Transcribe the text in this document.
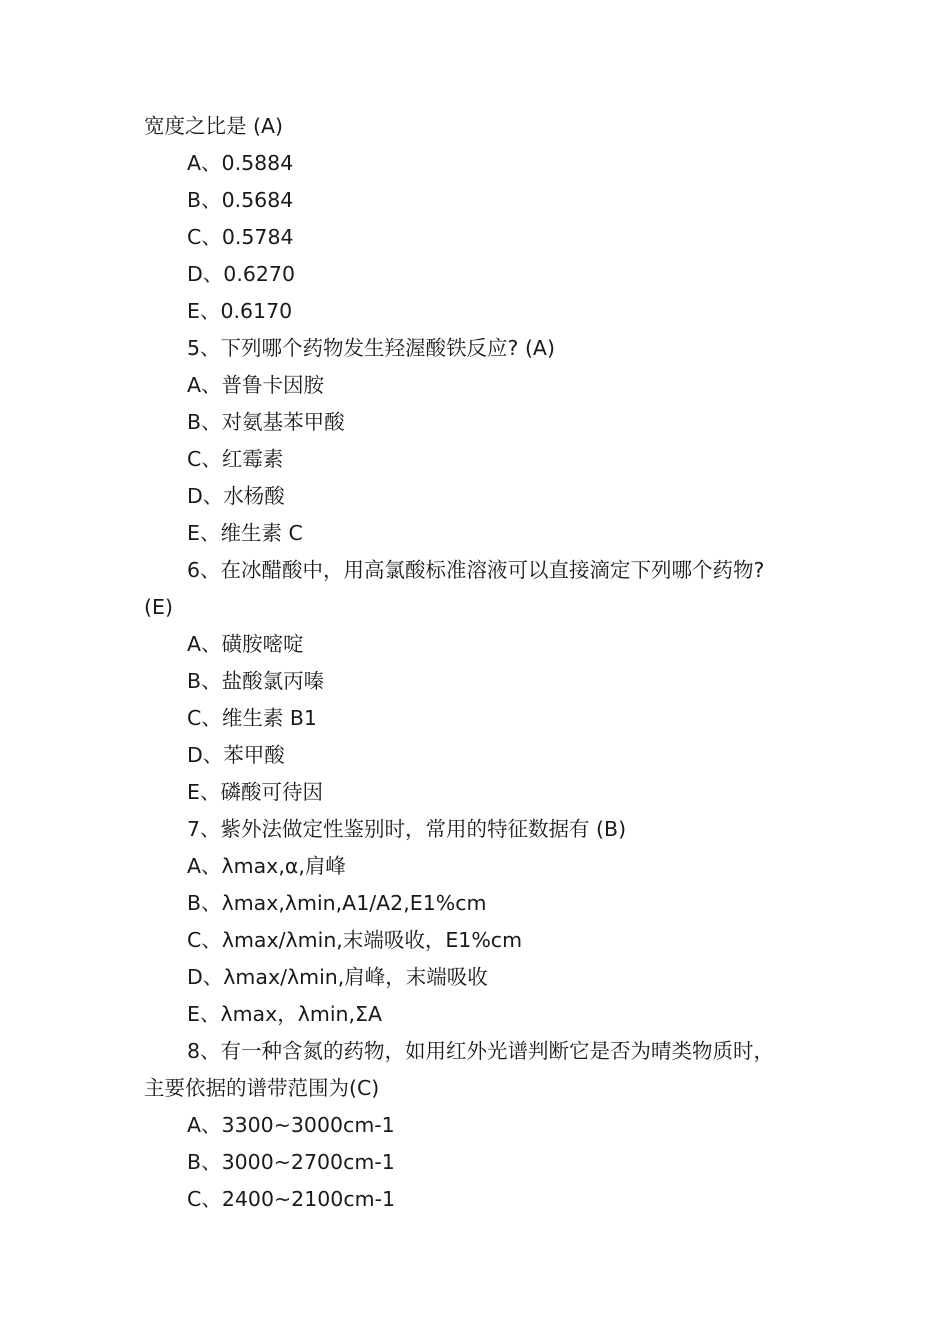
宽度之比是 (A)
A、0.5884
B、0.5684
C、0.5784
D、0.6270
E、0.6170
5、下列哪个药物发生羟渥酸铁反应? (A)
A、普鲁卡因胺
B、对氨基苯甲酸
C、红霉素
D、水杨酸
E、维生素 C
6、在冰醋酸中，用高氯酸标准溶液可以直接滴定下列哪个药物?
(E)
A、磺胺嘧啶
B、盐酸氯丙嗪
C、维生素 B1
D、苯甲酸
E、磷酸可待因
7、紫外法做定性鉴别时，常用的特征数据有 (B)
A、λmax,α,肩峰
B、λmax,λmin,A1/A2,E1%cm
C、λmax/λmin,末端吸收，E1%cm
D、λmax/λmin,肩峰，末端吸收
E、λmax，λmin,ΣA
8、有一种含氮的药物，如用红外光谱判断它是否为晴类物质时，
主要依据的谱带范围为(C)
A、3300~3000cm-1
B、3000~2700cm-1
C、2400~2100cm-1
